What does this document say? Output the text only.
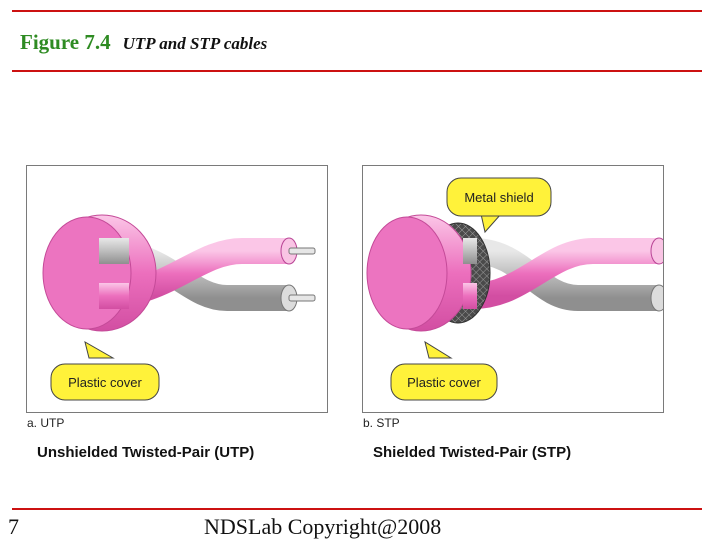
Figure 7.4 UTP and STP cables
Plastic cover
a. UTP
Unshielded Twisted-Pair (UTP)
Metal shield
Plastic cover
b. STP
Shielded Twisted-Pair (STP)
7	NDSLab Copyright@2008
